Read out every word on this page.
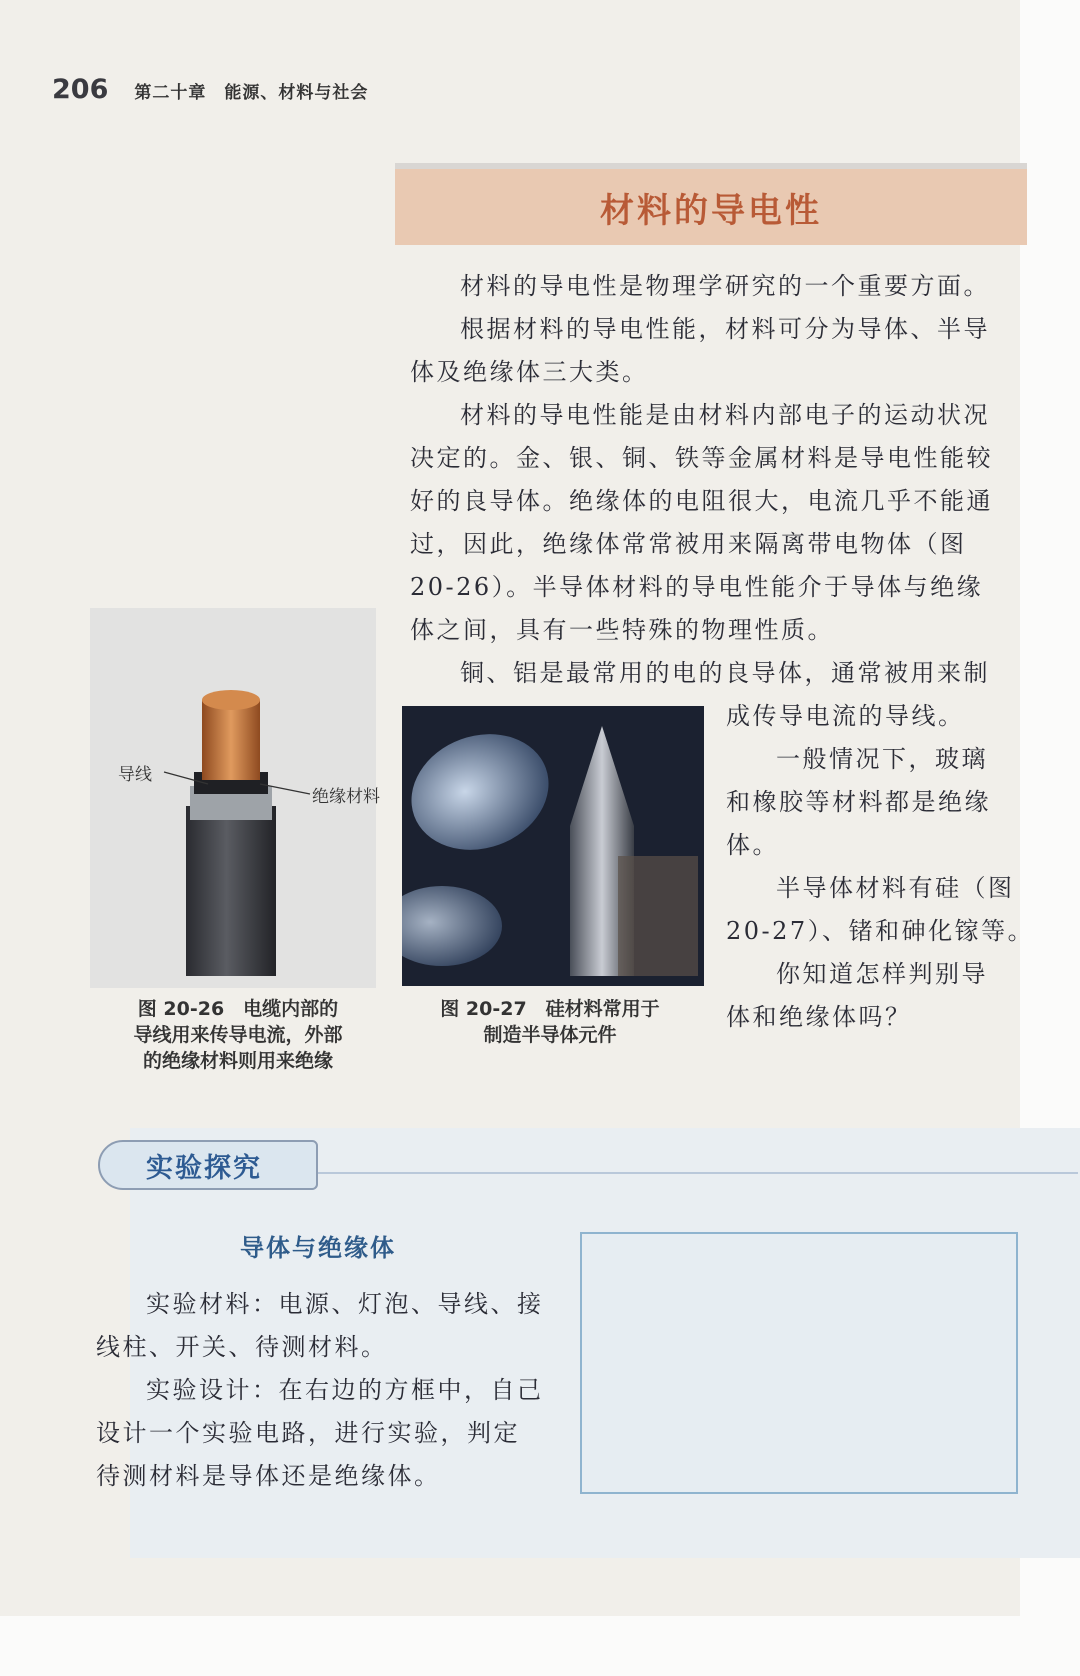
206 第二十章　能源、材料与社会
材料的导电性

材料的导电性是物理学研究的一个重要方面。

根据材料的导电性能，材料可分为导体、半导

体及绝缘体三大类。

材料的导电性能是由材料内部电子的运动状况

决定的。金、银、铜、铁等金属材料是导电性能较

好的良导体。绝缘体的电阻很大，电流几乎不能通

过，因此，绝缘体常常被用来隔离带电物体（图

20-26）。半导体材料的导电性能介于导体与绝缘

体之间，具有一些特殊的物理性质。

铜、铝是最常用的电的良导体，通常被用来制

成传导电流的导线。

一般情况下，玻璃

和橡胶等材料都是绝缘

体。

半导体材料有硅（图

20-27）、锗和砷化镓等。

你知道怎样判别导

体和绝缘体吗？

导线
绝缘材料
图 20-26　电缆内部的
导线用来传导电流，外部
的绝缘材料则用来绝缘
图 20-27　硅材料常用于
制造半导体元件
实验探究
导体与绝缘体

实验材料：电源、灯泡、导线、接

线柱、开关、待测材料。

实验设计：在右边的方框中，自己

设计一个实验电路，进行实验，判定

待测材料是导体还是绝缘体。
